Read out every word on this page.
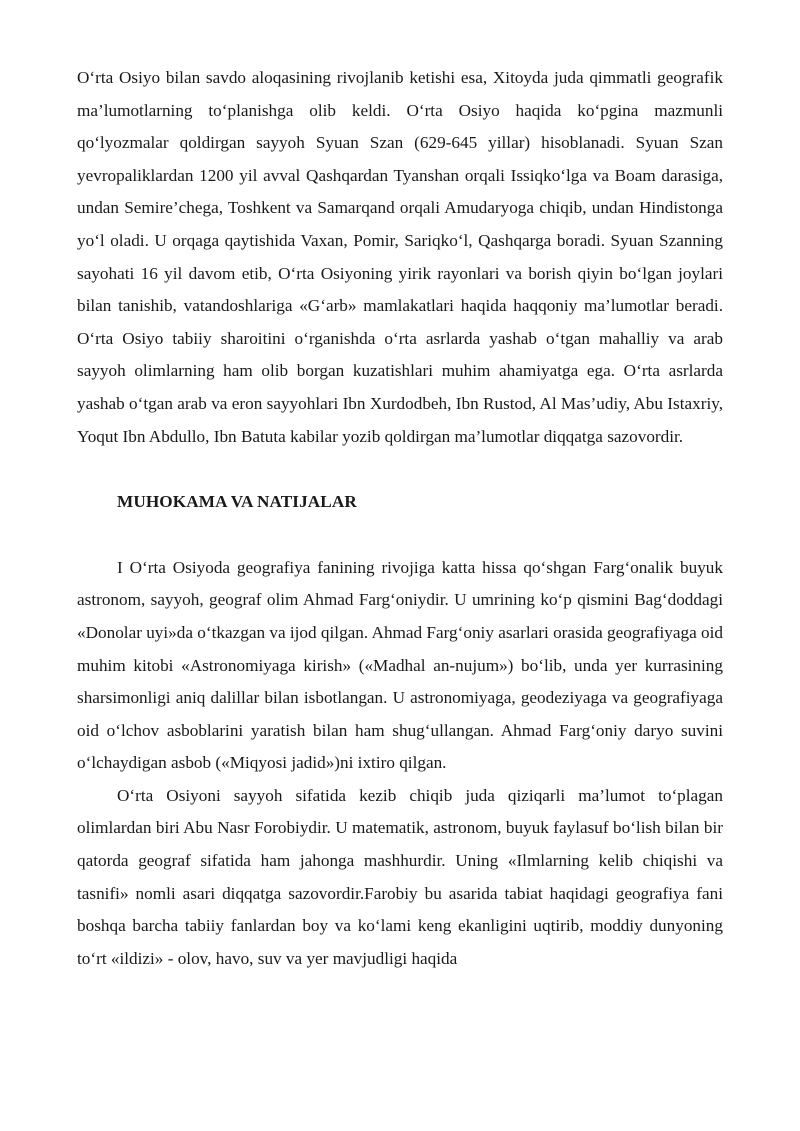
O‘rta Osiyo bilan savdo aloqasining rivojlanib ketishi esa, Xitoyda juda qimmatli geografik ma’lumotlarning to‘planishga olib keldi. O‘rta Osiyo haqida ko‘pgina mazmunli qo‘lyozmalar qoldirgan sayyoh Syuan Szan (629-645 yillar) hisoblanadi. Syuan Szan yevropaliklardan 1200 yil avval Qashqardan Tyanshan orqali Issiqko‘lga va Boam darasiga, undan Semire’chega, Toshkent va Samarqand orqali Amudaryoga chiqib, undan Hindistonga yo‘l oladi. U orqaga qaytishida Vaxan, Pomir, Sariqko‘l, Qashqarga boradi. Syuan Szanning sayohati 16 yil davom etib, O‘rta Osiyoning yirik rayonlari va borish qiyin bo‘lgan joylari bilan tanishib, vatandoshlariga «G‘arb» mamlakatlari haqida haqqoniy ma’lumotlar beradi. O‘rta Osiyo tabiiy sharoitini o‘rganishda o‘rta asrlarda yashab o‘tgan mahalliy va arab sayyoh olimlarning ham olib borgan kuzatishlari muhim ahamiyatga ega. O‘rta asrlarda yashab o‘tgan arab va eron sayyohlari Ibn Xurdodbeh, Ibn Rustod, Al Mas’udiy, Abu Istaxriy, Yoqut Ibn Abdullo, Ibn Batuta kabilar yozib qoldirgan ma’lumotlar diqqatga sazovordir.

MUHOKAMA VA NATIJALAR

I O‘rta Osiyoda geografiya fanining rivojiga katta hissa qo‘shgan Farg‘onalik buyuk astronom, sayyoh, geograf olim Ahmad Farg‘oniydir. U umrining ko‘p qismini Bag‘doddagi «Donolar uyi»da o‘tkazgan va ijod qilgan. Ahmad Farg‘oniy asarlari orasida geografiyaga oid muhim kitobi «Astronomiyaga kirish» («Madhal an-nujum») bo‘lib, unda yer kurrasining sharsimonligi aniq dalillar bilan isbotlangan. U astronomiyaga, geodeziyaga va geografiyaga oid o‘lchov asboblarini yaratish bilan ham shug‘ullangan. Ahmad Farg‘oniy daryo suvini o‘lchaydigan asbob («Miqyosi jadid»)ni ixtiro qilgan.

O‘rta Osiyoni sayyoh sifatida kezib chiqib juda qiziqarli ma’lumot to‘plagan olimlardan biri Abu Nasr Forobiydir. U matematik, astronom, buyuk faylasuf bo‘lish bilan bir qatorda geograf sifatida ham jahonga mashhurdir. Uning «Ilmlarning kelib chiqishi va tasnifi» nomli asari diqqatga sazovordir.Farobiy bu asarida tabiat haqidagi geografiya fani boshqa barcha tabiiy fanlardan boy va ko‘lami keng ekanligini uqtirib, moddiy dunyoning to‘rt «ildizi» - olov, havo, suv va yer mavjudligi haqida
